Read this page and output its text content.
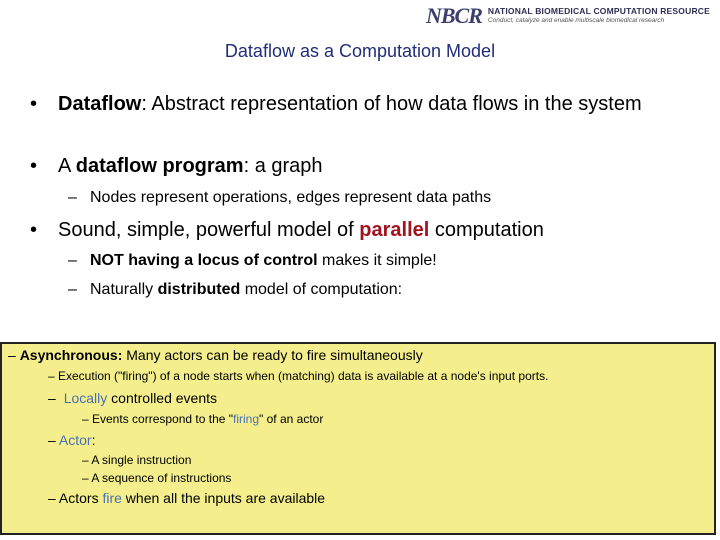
NBCR NATIONAL BIOMEDICAL COMPUTATION RESOURCE
Conduct, catalyze and enable multiscale biomedical research
Dataflow as a Computation Model
• Dataflow: Abstract representation of how data flows in the system
• A dataflow program: a graph
– Nodes represent operations, edges represent data paths
• Sound, simple, powerful model of parallel computation
– NOT having a locus of control makes it simple!
– Naturally distributed model of computation:
– Asynchronous: Many actors can be ready to fire simultaneously
– Execution ("firing") of a node starts when (matching) data is available at a node's input ports.
– Locally controlled events
– Events correspond to the "firing" of an actor
– Actor:
– A single instruction
– A sequence of instructions
– Actors fire when all the inputs are available
